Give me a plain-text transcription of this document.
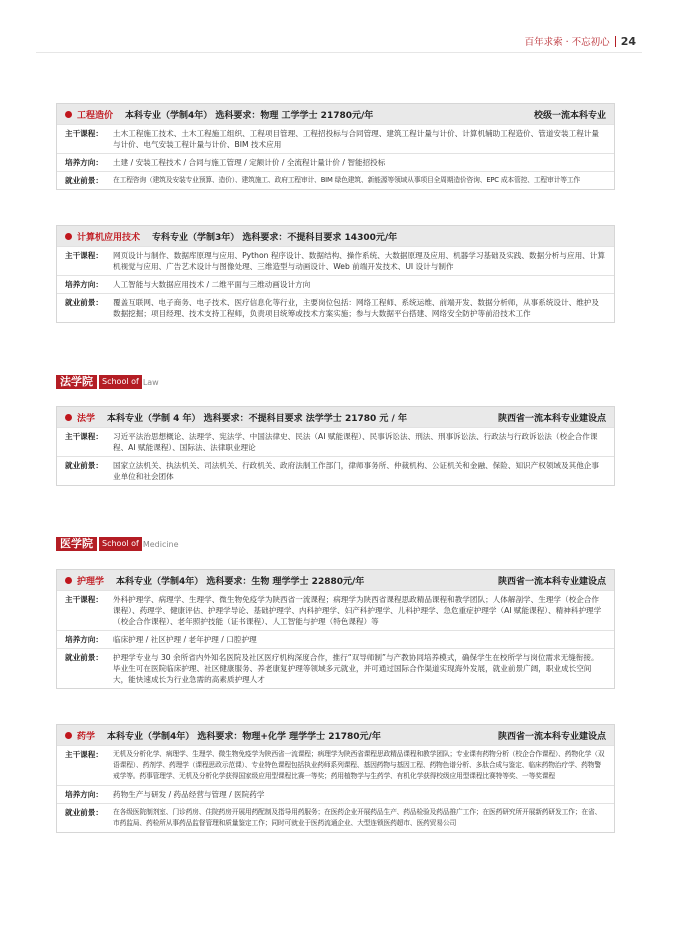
百年求索 · 不忘初心 24
工程造价 本科专业（学制4年） 选科要求：物理 工学学士 21780元/年	校级一流本科专业
主干课程：	土木工程施工技术、土木工程施工组织、工程项目管理、工程招投标与合同管理、建筑工程计量与计价、计算机辅助工程造价、管道安装工程计量与计价、电气安装工程计量与计价、BIM 技术应用
培养方向：	土建 / 安装工程技术 / 合同与施工管理 / 定额计价 / 全流程计量计价 / 智能招投标
就业前景：	在工程咨询（建筑及安装专业预算、造价）、建筑施工、政府工程审计、BIM 绿色建筑、新能源等领域从事项目全周期造价咨询、EPC 成本管控、工程审计等工作
计算机应用技术 专科专业（学制3年） 选科要求：不提科目要求 14300元/年
主干课程：	网页设计与制作、数据库原理与应用、Python 程序设计、数据结构、操作系统、大数据原理及应用、机器学习基础及实践、数据分析与应用、计算机视觉与应用、广告艺术设计与图像处理、三维造型与动画设计、Web 前端开发技术、UI 设计与制作
培养方向：	人工智能与大数据应用技术 / 二维平面与三维动画设计方向
就业前景：	覆盖互联网、电子商务、电子技术、医疗信息化等行业，主要岗位包括：网络工程师、系统运维、前端开发、数据分析师，从事系统设计、维护及数据挖掘；项目经理、技术支持工程师，负责项目统筹或技术方案实施；参与大数据平台搭建、网络安全防护等前沿技术工作
法学院	School of Law
法学 本科专业（学制 4 年） 选科要求：不提科目要求 法学学士 21780 元 / 年	陕西省一流本科专业建设点
主干课程：	习近平法治思想概论、法理学、宪法学、中国法律史、民法（AI 赋能课程）、民事诉讼法、刑法、刑事诉讼法、行政法与行政诉讼法（校企合作课程、AI 赋能课程）、国际法、法律职业理论
就业前景：	国家立法机关、执法机关、司法机关、行政机关、政府法制工作部门，律师事务所、仲裁机构、公证机关和金融、保险、知识产权领域及其他企事业单位和社会团体
医学院	School of Medicine
护理学 本科专业（学制4年） 选科要求：生物 理学学士 22880元/年	陕西省一流本科专业建设点
主干课程：	外科护理学、病理学、生理学、微生物免疫学为陕西省一流课程；病理学为陕西省课程思政精品课程和教学团队；人体解剖学、生理学（校企合作课程）、药理学、健康评估、护理学导论、基础护理学、内科护理学、妇产科护理学、儿科护理学、急危重症护理学（AI 赋能课程）、精神科护理学（校企合作课程）、老年照护技能（证书课程）、人工智能与护理（特色课程）等
培养方向：	临床护理 / 社区护理 / 老年护理 / 口腔护理
就业前景：	护理学专业与 30 余所省内外知名医院及社区医疗机构深度合作，推行“双导师制”与产教协同培养模式，确保学生在校所学与岗位需求无缝衔接。毕业生可在医院临床护理、社区健康服务、养老康复护理等领域多元就业，并可通过国际合作渠道实现海外发展，就业前景广阔，职业成长空间大，能快速成长为行业急需的高素质护理人才
药学 本科专业（学制4年） 选科要求：物理+化学 理学学士 21780元/年	陕西省一流本科专业建设点
主干课程：	无机及分析化学、病理学、生理学、微生物免疫学为陕西省一流课程；病理学为陕西省课程思政精品课程和教学团队；专业课有药物分析（校企合作课程）、药物化学（双语课程）、药剂学、药理学（课程思政示范课）、专业特色课程包括执业药师系列课程、基因药物与基因工程、药物色谱分析、多肽合成与鉴定、临床药物治疗学、药物警戒学等。药事管理学、无机及分析化学获得国家级应用型课程比赛一等奖；药用植物学与生药学、有机化学获得校级应用型课程比赛特等奖、一等奖课程
培养方向：	药物生产与研发 / 药品经营与管理 / 医院药学
就业前景：	在各级医院制剂室、门诊药房、住院药房开展用药配制及指导用药服务；在医药企业开展药品生产、药品检验及药品推广工作；在医药研究所开展新药研发工作；在省、市药监局、药检所从事药品监督管理和质量鉴定工作；同时可就业于医药流通企业、大型连锁医药超市、医药贸易公司
